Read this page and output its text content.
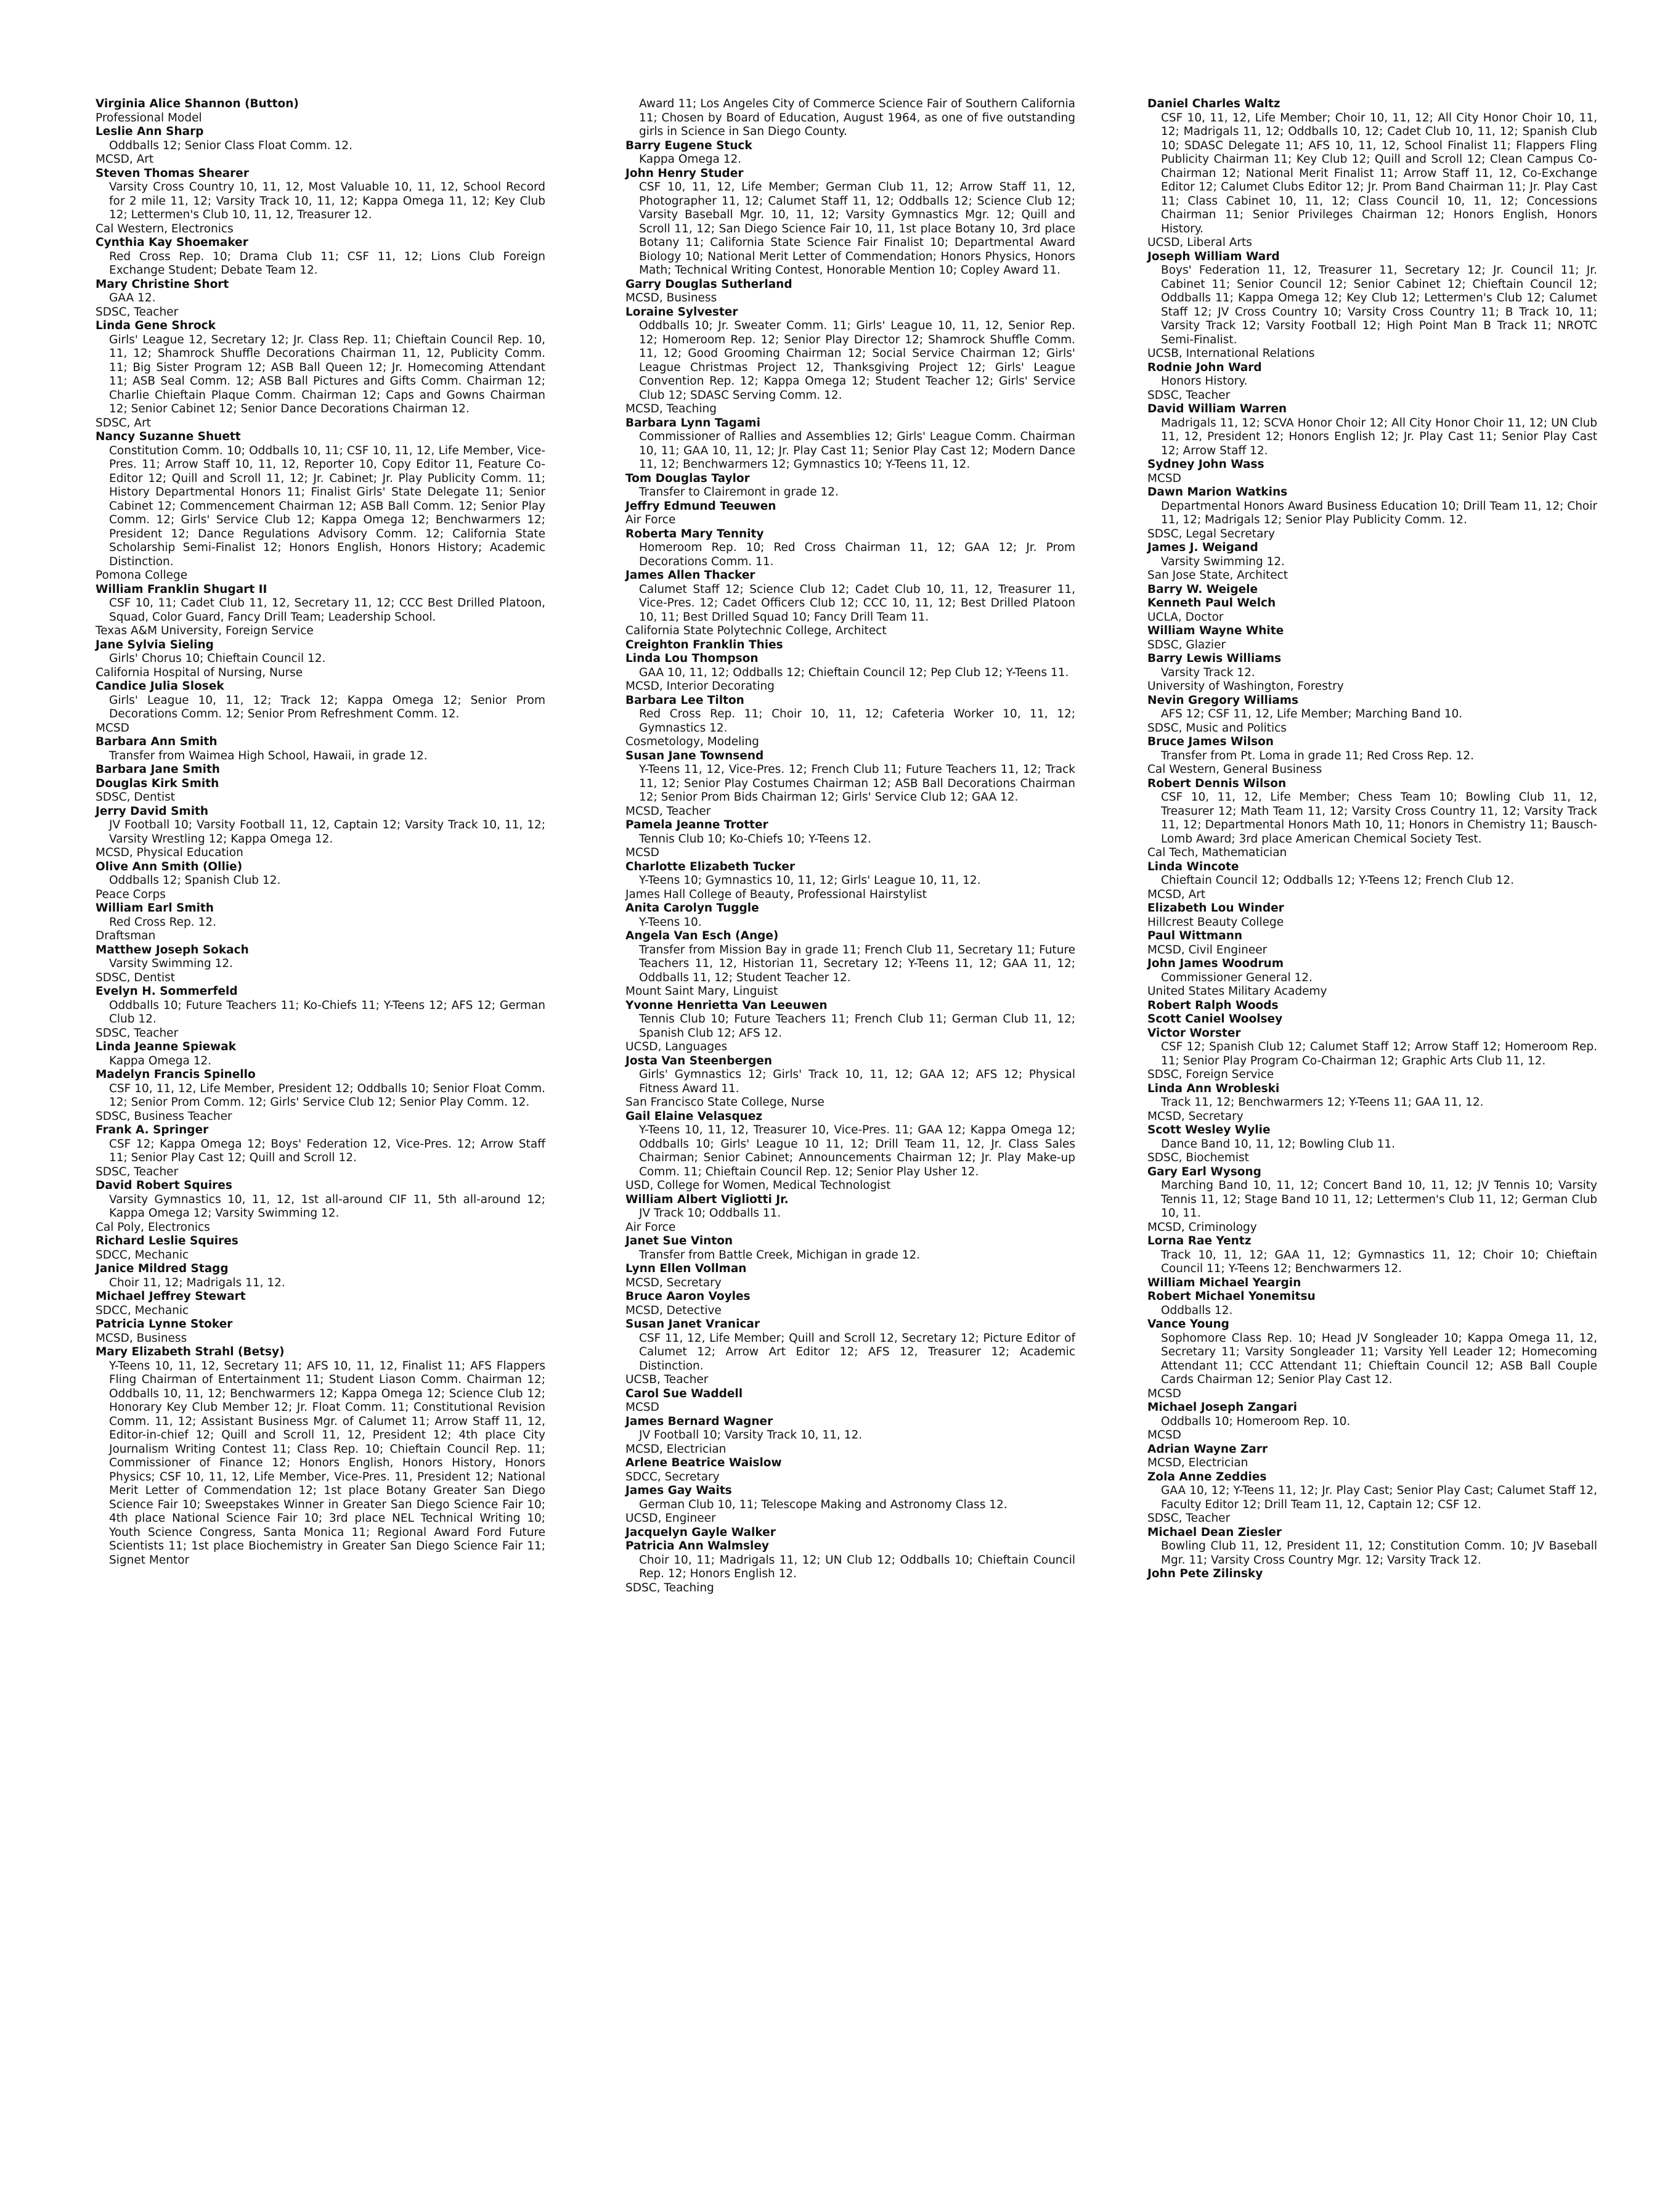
Virginia Alice Shannon (Button)
Professional Model
Leslie Ann Sharp
Oddballs 12; Senior Class Float Comm. 12.
MCSD, Art
Steven Thomas Shearer
Varsity Cross Country 10, 11, 12, Most Valuable 10, 11, 12, School Record for 2 mile 11, 12; Varsity Track 10, 11, 12; Kappa Omega 11, 12; Key Club 12; Lettermen's Club 10, 11, 12, Treasurer 12.
Cal Western, Electronics
Cynthia Kay Shoemaker
Red Cross Rep. 10; Drama Club 11; CSF 11, 12; Lions Club Foreign Exchange Student; Debate Team 12.
Mary Christine Short
GAA 12.
SDSC, Teacher
Linda Gene Shrock
Girls' League 12, Secretary 12; Jr. Class Rep. 11; Chieftain Council Rep. 10, 11, 12; Shamrock Shuffle Decorations Chairman 11, 12, Publicity Comm. 11; Big Sister Program 12; ASB Ball Queen 12; Jr. Homecoming Attendant 11; ASB Seal Comm. 12; ASB Ball Pictures and Gifts Comm. Chairman 12; Charlie Chieftain Plaque Comm. Chairman 12; Caps and Gowns Chairman 12; Senior Cabinet 12; Senior Dance Decorations Chairman 12.
SDSC, Art
Nancy Suzanne Shuett
Constitution Comm. 10; Oddballs 10, 11; CSF 10, 11, 12, Life Member, Vice-Pres. 11; Arrow Staff 10, 11, 12, Reporter 10, Copy Editor 11, Feature Co-Editor 12; Quill and Scroll 11, 12; Jr. Cabinet; Jr. Play Publicity Comm. 11; History Departmental Honors 11; Finalist Girls' State Delegate 11; Senior Cabinet 12; Commencement Chairman 12; ASB Ball Comm. 12; Senior Play Comm. 12; Girls' Service Club 12; Kappa Omega 12; Benchwarmers 12; President 12; Dance Regulations Advisory Comm. 12; California State Scholarship Semi-Finalist 12; Honors English, Honors History; Academic Distinction.
Pomona College
William Franklin Shugart II
CSF 10, 11; Cadet Club 11, 12, Secretary 11, 12; CCC Best Drilled Platoon, Squad, Color Guard, Fancy Drill Team; Leadership School.
Texas A&M University, Foreign Service
Jane Sylvia Sieling
Girls' Chorus 10; Chieftain Council 12.
California Hospital of Nursing, Nurse
Candice Julia Slosek
Girls' League 10, 11, 12; Track 12; Kappa Omega 12; Senior Prom Decorations Comm. 12; Senior Prom Refreshment Comm. 12.
MCSD
Barbara Ann Smith
Transfer from Waimea High School, Hawaii, in grade 12.
Barbara Jane Smith
Douglas Kirk Smith
SDSC, Dentist
Jerry David Smith
JV Football 10; Varsity Football 11, 12, Captain 12; Varsity Track 10, 11, 12; Varsity Wrestling 12; Kappa Omega 12.
MCSD, Physical Education
Olive Ann Smith (Ollie)
Oddballs 12; Spanish Club 12.
Peace Corps
William Earl Smith
Red Cross Rep. 12.
Draftsman
Matthew Joseph Sokach
Varsity Swimming 12.
SDSC, Dentist
Evelyn H. Sommerfeld
Oddballs 10; Future Teachers 11; Ko-Chiefs 11; Y-Teens 12; AFS 12; German Club 12.
SDSC, Teacher
Linda Jeanne Spiewak
Kappa Omega 12.
Madelyn Francis Spinello
CSF 10, 11, 12, Life Member, President 12; Oddballs 10; Senior Float Comm. 12; Senior Prom Comm. 12; Girls' Service Club 12; Senior Play Comm. 12.
SDSC, Business Teacher
Frank A. Springer
CSF 12; Kappa Omega 12; Boys' Federation 12, Vice-Pres. 12; Arrow Staff 11; Senior Play Cast 12; Quill and Scroll 12.
SDSC, Teacher
David Robert Squires
Varsity Gymnastics 10, 11, 12, 1st all-around CIF 11, 5th all-around 12; Kappa Omega 12; Varsity Swimming 12.
Cal Poly, Electronics
Richard Leslie Squires
SDCC, Mechanic
Janice Mildred Stagg
Choir 11, 12; Madrigals 11, 12.
Michael Jeffrey Stewart
SDCC, Mechanic
Patricia Lynne Stoker
MCSD, Business
Mary Elizabeth Strahl (Betsy)
Y-Teens 10, 11, 12, Secretary 11; AFS 10, 11, 12, Finalist 11; AFS Flappers Fling Chairman of Entertainment 11; Student Liason Comm. Chairman 12; Oddballs 10, 11, 12; Benchwarmers 12; Kappa Omega 12; Science Club 12; Honorary Key Club Member 12; Jr. Float Comm. 11; Constitutional Revision Comm. 11, 12; Assistant Business Mgr. of Calumet 11; Arrow Staff 11, 12, Editor-in-chief 12; Quill and Scroll 11, 12, President 12; 4th place City Journalism Writing Contest 11; Class Rep. 10; Chieftain Council Rep. 11; Commissioner of Finance 12; Honors English, Honors History, Honors Physics; CSF 10, 11, 12, Life Member, Vice-Pres. 11, President 12; National Merit Letter of Commendation 12; 1st place Botany Greater San Diego Science Fair 10; Sweepstakes Winner in Greater San Diego Science Fair 10; 4th place National Science Fair 10; 3rd place NEL Technical Writing 10; Youth Science Congress, Santa Monica 11; Regional Award Ford Future Scientists 11; 1st place Biochemistry in Greater San Diego Science Fair 11; Signet Mentor
Award 11; Los Angeles City of Commerce Science Fair of Southern California 11; Chosen by Board of Education, August 1964, as one of five outstanding girls in Science in San Diego County.
Barry Eugene Stuck
Kappa Omega 12.
John Henry Studer
CSF 10, 11, 12, Life Member; German Club 11, 12; Arrow Staff 11, 12, Photographer 11, 12; Calumet Staff 11, 12; Oddballs 12; Science Club 12; Varsity Baseball Mgr. 10, 11, 12; Varsity Gymnastics Mgr. 12; Quill and Scroll 11, 12; San Diego Science Fair 10, 11, 1st place Botany 10, 3rd place Botany 11; California State Science Fair Finalist 10; Departmental Award Biology 10; National Merit Letter of Commendation; Honors Physics, Honors Math; Technical Writing Contest, Honorable Mention 10; Copley Award 11.
Garry Douglas Sutherland
MCSD, Business
Loraine Sylvester
Oddballs 10; Jr. Sweater Comm. 11; Girls' League 10, 11, 12, Senior Rep. 12; Homeroom Rep. 12; Senior Play Director 12; Shamrock Shuffle Comm. 11, 12; Good Grooming Chairman 12; Social Service Chairman 12; Girls' League Christmas Project 12, Thanksgiving Project 12; Girls' League Convention Rep. 12; Kappa Omega 12; Student Teacher 12; Girls' Service Club 12; SDASC Serving Comm. 12.
MCSD, Teaching
Barbara Lynn Tagami
Commissioner of Rallies and Assemblies 12; Girls' League Comm. Chairman 10, 11; GAA 10, 11, 12; Jr. Play Cast 11; Senior Play Cast 12; Modern Dance 11, 12; Benchwarmers 12; Gymnastics 10; Y-Teens 11, 12.
Tom Douglas Taylor
Transfer to Clairemont in grade 12.
Jeffry Edmund Teeuwen
Air Force
Roberta Mary Tennity
Homeroom Rep. 10; Red Cross Chairman 11, 12; GAA 12; Jr. Prom Decorations Comm. 11.
James Allen Thacker
Calumet Staff 12; Science Club 12; Cadet Club 10, 11, 12, Treasurer 11, Vice-Pres. 12; Cadet Officers Club 12; CCC 10, 11, 12; Best Drilled Platoon 10, 11; Best Drilled Squad 10; Fancy Drill Team 11.
California State Polytechnic College, Architect
Creighton Franklin Thies
Linda Lou Thompson
GAA 10, 11, 12; Oddballs 12; Chieftain Council 12; Pep Club 12; Y-Teens 11.
MCSD, Interior Decorating
Barbara Lee Tilton
Red Cross Rep. 11; Choir 10, 11, 12; Cafeteria Worker 10, 11, 12; Gymnastics 12.
Cosmetology, Modeling
Susan Jane Townsend
Y-Teens 11, 12, Vice-Pres. 12; French Club 11; Future Teachers 11, 12; Track 11, 12; Senior Play Costumes Chairman 12; ASB Ball Decorations Chairman 12; Senior Prom Bids Chairman 12; Girls' Service Club 12; GAA 12.
MCSD, Teacher
Pamela Jeanne Trotter
Tennis Club 10; Ko-Chiefs 10; Y-Teens 12.
MCSD
Charlotte Elizabeth Tucker
Y-Teens 10; Gymnastics 10, 11, 12; Girls' League 10, 11, 12.
James Hall College of Beauty, Professional Hairstylist
Anita Carolyn Tuggle
Y-Teens 10.
Angela Van Esch (Ange)
Transfer from Mission Bay in grade 11; French Club 11, Secretary 11; Future Teachers 11, 12, Historian 11, Secretary 12; Y-Teens 11, 12; GAA 11, 12; Oddballs 11, 12; Student Teacher 12.
Mount Saint Mary, Linguist
Yvonne Henrietta Van Leeuwen
Tennis Club 10; Future Teachers 11; French Club 11; German Club 11, 12; Spanish Club 12; AFS 12.
UCSD, Languages
Josta Van Steenbergen
Girls' Gymnastics 12; Girls' Track 10, 11, 12; GAA 12; AFS 12; Physical Fitness Award 11.
San Francisco State College, Nurse
Gail Elaine Velasquez
Y-Teens 10, 11, 12, Treasurer 10, Vice-Pres. 11; GAA 12; Kappa Omega 12; Oddballs 10; Girls' League 10 11, 12; Drill Team 11, 12, Jr. Class Sales Chairman; Senior Cabinet; Announcements Chairman 12; Jr. Play Make-up Comm. 11; Chieftain Council Rep. 12; Senior Play Usher 12.
USD, College for Women, Medical Technologist
William Albert Vigliotti Jr.
JV Track 10; Oddballs 11.
Air Force
Janet Sue Vinton
Transfer from Battle Creek, Michigan in grade 12.
Lynn Ellen Vollman
MCSD, Secretary
Bruce Aaron Voyles
MCSD, Detective
Susan Janet Vranicar
CSF 11, 12, Life Member; Quill and Scroll 12, Secretary 12; Picture Editor of Calumet 12; Arrow Art Editor 12; AFS 12, Treasurer 12; Academic Distinction.
UCSB, Teacher
Carol Sue Waddell
MCSD
James Bernard Wagner
JV Football 10; Varsity Track 10, 11, 12.
MCSD, Electrician
Arlene Beatrice Waislow
SDCC, Secretary
James Gay Waits
German Club 10, 11; Telescope Making and Astronomy Class 12.
UCSD, Engineer
Jacquelyn Gayle Walker
Patricia Ann Walmsley
Choir 10, 11; Madrigals 11, 12; UN Club 12; Oddballs 10; Chieftain Council Rep. 12; Honors English 12.
SDSC, Teaching
Daniel Charles Waltz
CSF 10, 11, 12, Life Member; Choir 10, 11, 12; All City Honor Choir 10, 11, 12; Madrigals 11, 12; Oddballs 10, 12; Cadet Club 10, 11, 12; Spanish Club 10; SDASC Delegate 11; AFS 10, 11, 12, School Finalist 11; Flappers Fling Publicity Chairman 11; Key Club 12; Quill and Scroll 12; Clean Campus Co-Chairman 12; National Merit Finalist 11; Arrow Staff 11, 12, Co-Exchange Editor 12; Calumet Clubs Editor 12; Jr. Prom Band Chairman 11; Jr. Play Cast 11; Class Cabinet 10, 11, 12; Class Council 10, 11, 12; Concessions Chairman 11; Senior Privileges Chairman 12; Honors English, Honors History.
UCSD, Liberal Arts
Joseph William Ward
Boys' Federation 11, 12, Treasurer 11, Secretary 12; Jr. Council 11; Jr. Cabinet 11; Senior Council 12; Senior Cabinet 12; Chieftain Council 12; Oddballs 11; Kappa Omega 12; Key Club 12; Lettermen's Club 12; Calumet Staff 12; JV Cross Country 10; Varsity Cross Country 11; B Track 10, 11; Varsity Track 12; Varsity Football 12; High Point Man B Track 11; NROTC Semi-Finalist.
UCSB, International Relations
Rodnie John Ward
Honors History.
SDSC, Teacher
David William Warren
Madrigals 11, 12; SCVA Honor Choir 12; All City Honor Choir 11, 12; UN Club 11, 12, President 12; Honors English 12; Jr. Play Cast 11; Senior Play Cast 12; Arrow Staff 12.
Sydney John Wass
MCSD
Dawn Marion Watkins
Departmental Honors Award Business Education 10; Drill Team 11, 12; Choir 11, 12; Madrigals 12; Senior Play Publicity Comm. 12.
SDSC, Legal Secretary
James J. Weigand
Varsity Swimming 12.
San Jose State, Architect
Barry W. Weigele
Kenneth Paul Welch
UCLA, Doctor
William Wayne White
SDSC, Glazier
Barry Lewis Williams
Varsity Track 12.
University of Washington, Forestry
Nevin Gregory Williams
AFS 12; CSF 11, 12, Life Member; Marching Band 10.
SDSC, Music and Politics
Bruce James Wilson
Transfer from Pt. Loma in grade 11; Red Cross Rep. 12.
Cal Western, General Business
Robert Dennis Wilson
CSF 10, 11, 12, Life Member; Chess Team 10; Bowling Club 11, 12, Treasurer 12; Math Team 11, 12; Varsity Cross Country 11, 12; Varsity Track 11, 12; Departmental Honors Math 10, 11; Honors in Chemistry 11; Bausch-Lomb Award; 3rd place American Chemical Society Test.
Cal Tech, Mathematician
Linda Wincote
Chieftain Council 12; Oddballs 12; Y-Teens 12; French Club 12.
MCSD, Art
Elizabeth Lou Winder
Hillcrest Beauty College
Paul Wittmann
MCSD, Civil Engineer
John James Woodrum
Commissioner General 12.
United States Military Academy
Robert Ralph Woods
Scott Caniel Woolsey
Victor Worster
CSF 12; Spanish Club 12; Calumet Staff 12; Arrow Staff 12; Homeroom Rep. 11; Senior Play Program Co-Chairman 12; Graphic Arts Club 11, 12.
SDSC, Foreign Service
Linda Ann Wrobleski
Track 11, 12; Benchwarmers 12; Y-Teens 11; GAA 11, 12.
MCSD, Secretary
Scott Wesley Wylie
Dance Band 10, 11, 12; Bowling Club 11.
SDSC, Biochemist
Gary Earl Wysong
Marching Band 10, 11, 12; Concert Band 10, 11, 12; JV Tennis 10; Varsity Tennis 11, 12; Stage Band 10 11, 12; Lettermen's Club 11, 12; German Club 10, 11.
MCSD, Criminology
Lorna Rae Yentz
Track 10, 11, 12; GAA 11, 12; Gymnastics 11, 12; Choir 10; Chieftain Council 11; Y-Teens 12; Benchwarmers 12.
William Michael Yeargin
Robert Michael Yonemitsu
Oddballs 12.
Vance Young
Sophomore Class Rep. 10; Head JV Songleader 10; Kappa Omega 11, 12, Secretary 11; Varsity Songleader 11; Varsity Yell Leader 12; Homecoming Attendant 11; CCC Attendant 11; Chieftain Council 12; ASB Ball Couple Cards Chairman 12; Senior Play Cast 12.
MCSD
Michael Joseph Zangari
Oddballs 10; Homeroom Rep. 10.
MCSD
Adrian Wayne Zarr
MCSD, Electrician
Zola Anne Zeddies
GAA 10, 12; Y-Teens 11, 12; Jr. Play Cast; Senior Play Cast; Calumet Staff 12, Faculty Editor 12; Drill Team 11, 12, Captain 12; CSF 12.
SDSC, Teacher
Michael Dean Ziesler
Bowling Club 11, 12, President 11, 12; Constitution Comm. 10; JV Baseball Mgr. 11; Varsity Cross Country Mgr. 12; Varsity Track 12.
John Pete Zilinsky
